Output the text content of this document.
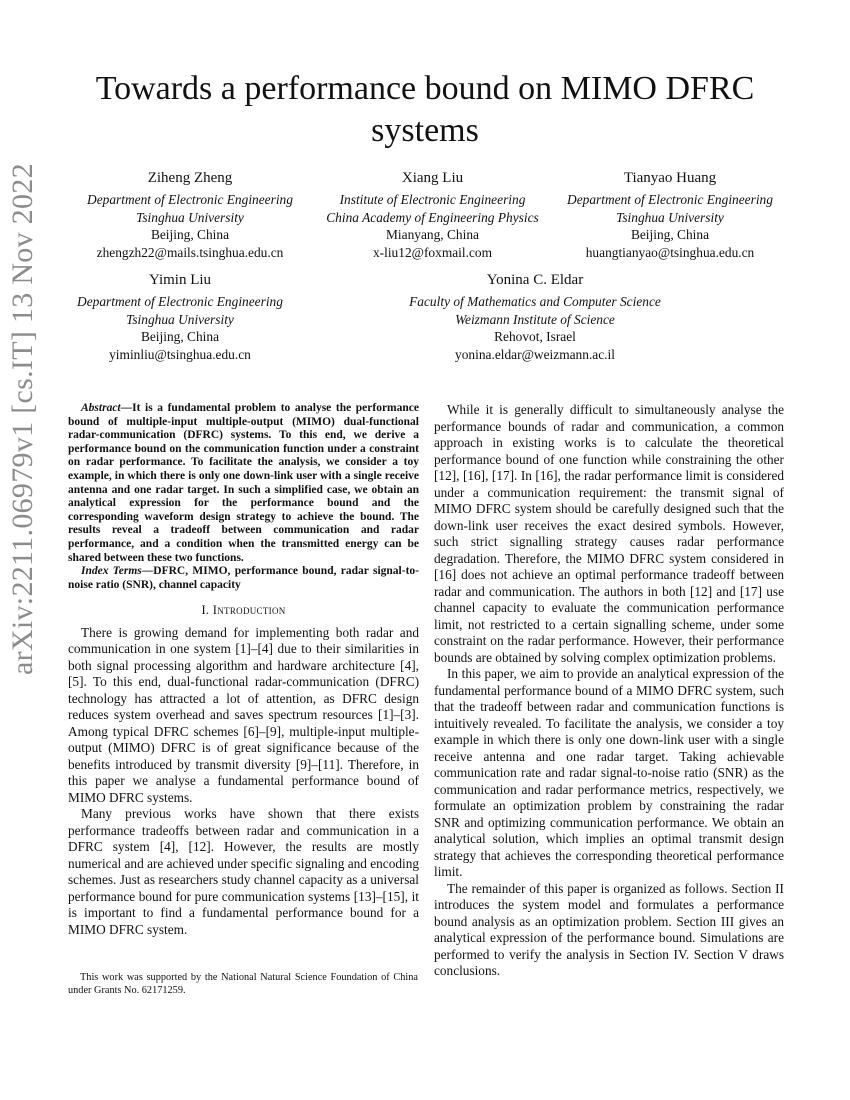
arXiv:2211.06979v1 [cs.IT] 13 Nov 2022
Towards a performance bound on MIMO DFRC systems
Ziheng Zheng
Department of Electronic Engineering
Tsinghua University
Beijing, China
zhengzh22@mails.tsinghua.edu.cn
Xiang Liu
Institute of Electronic Engineering
China Academy of Engineering Physics
Mianyang, China
x-liu12@foxmail.com
Tianyao Huang
Department of Electronic Engineering
Tsinghua University
Beijing, China
huangtianyao@tsinghua.edu.cn
Yimin Liu
Department of Electronic Engineering
Tsinghua University
Beijing, China
yiminliu@tsinghua.edu.cn
Yonina C. Eldar
Faculty of Mathematics and Computer Science
Weizmann Institute of Science
Rehovot, Israel
yonina.eldar@weizmann.ac.il

Abstract—It is a fundamental problem to analyse the performance bound of multiple-input multiple-output (MIMO) dual-functional radar-communication (DFRC) systems. To this end, we derive a performance bound on the communication function under a constraint on radar performance. To facilitate the analysis, we consider a toy example, in which there is only one down-link user with a single receive antenna and one radar target. In such a simplified case, we obtain an analytical expression for the performance bound and the corresponding waveform design strategy to achieve the bound. The results reveal a tradeoff between communication and radar performance, and a condition when the transmitted energy can be shared between these two functions.

Index Terms—DFRC, MIMO, performance bound, radar signal-to-noise ratio (SNR), channel capacity

I. Introduction

There is growing demand for implementing both radar and communication in one system [1]–[4] due to their similarities in both signal processing algorithm and hardware architecture [4], [5]. To this end, dual-functional radar-communication (DFRC) technology has attracted a lot of attention, as DFRC design reduces system overhead and saves spectrum resources [1]–[3]. Among typical DFRC schemes [6]–[9], multiple-input multiple-output (MIMO) DFRC is of great significance because of the benefits introduced by transmit diversity [9]–[11]. Therefore, in this paper we analyse a fundamental performance bound of MIMO DFRC systems.

Many previous works have shown that there exists performance tradeoffs between radar and communication in a DFRC system [4], [12]. However, the results are mostly numerical and are achieved under specific signaling and encoding schemes. Just as researchers study channel capacity as a universal performance bound for pure communication systems [13]–[15], it is important to find a fundamental performance bound for a MIMO DFRC system.

This work was supported by the National Natural Science Foundation of China under Grants No. 62171259.

While it is generally difficult to simultaneously analyse the performance bounds of radar and communication, a common approach in existing works is to calculate the theoretical performance bound of one function while constraining the other [12], [16], [17]. In [16], the radar performance limit is considered under a communication requirement: the transmit signal of MIMO DFRC system should be carefully designed such that the down-link user receives the exact desired symbols. However, such strict signalling strategy causes radar performance degradation. Therefore, the MIMO DFRC system considered in [16] does not achieve an optimal performance tradeoff between radar and communication. The authors in both [12] and [17] use channel capacity to evaluate the communication performance limit, not restricted to a certain signalling scheme, under some constraint on the radar performance. However, their performance bounds are obtained by solving complex optimization problems.

In this paper, we aim to provide an analytical expression of the fundamental performance bound of a MIMO DFRC system, such that the tradeoff between radar and communication functions is intuitively revealed. To facilitate the analysis, we consider a toy example in which there is only one down-link user with a single receive antenna and one radar target. Taking achievable communication rate and radar signal-to-noise ratio (SNR) as the communication and radar performance metrics, respectively, we formulate an optimization problem by constraining the radar SNR and optimizing communication performance. We obtain an analytical solution, which implies an optimal transmit design strategy that achieves the corresponding theoretical performance limit.

The remainder of this paper is organized as follows. Section II introduces the system model and formulates a performance bound analysis as an optimization problem. Section III gives an analytical expression of the performance bound. Simulations are performed to verify the analysis in Section IV. Section V draws conclusions.
